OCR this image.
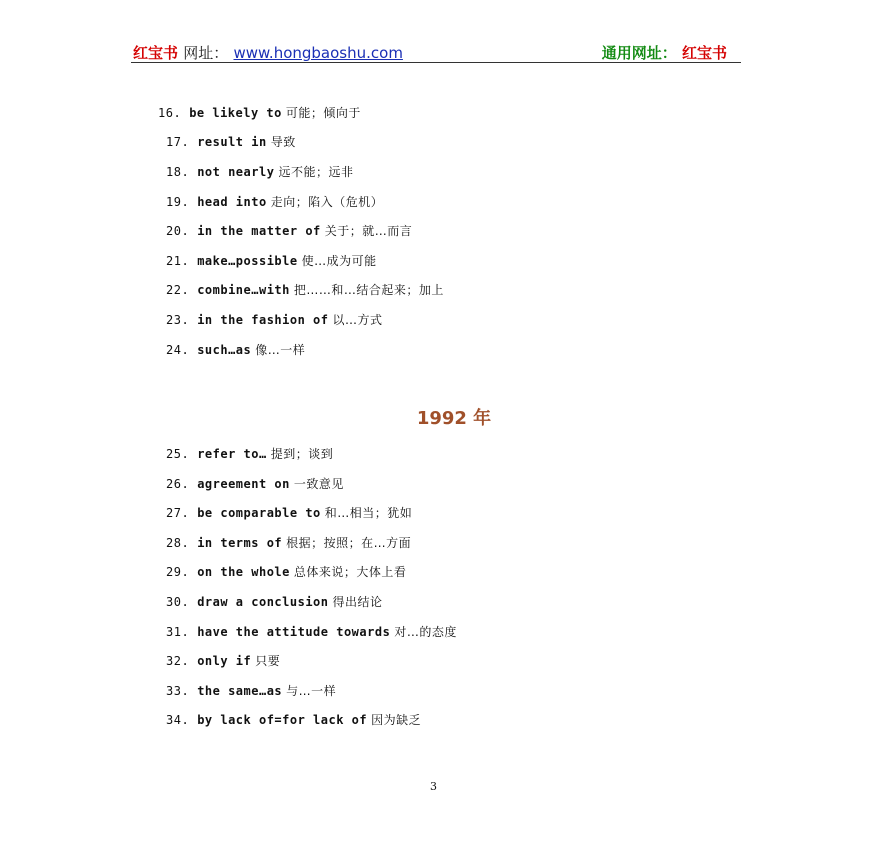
红宝书 网址： www.hongbaoshu.com	通用网址： 红宝书
16. be likely to 可能；倾向于
17. result in 导致
18. not nearly 远不能；远非
19. head into 走向；陷入（危机）
20. in the matter of 关于；就…而言
21. make…possible 使…成为可能
22. combine…with 把……和…结合起来；加上
23. in the fashion of 以…方式
24. such…as 像…一样
1992 年
25. refer to… 提到；谈到
26. agreement on 一致意见
27. be comparable to 和…相当；犹如
28. in terms of 根据；按照；在…方面
29. on the whole 总体来说；大体上看
30. draw a conclusion 得出结论
31. have the attitude towards 对…的态度
32. only if 只要
33. the same…as 与…一样
34. by lack of=for lack of 因为缺乏
3
